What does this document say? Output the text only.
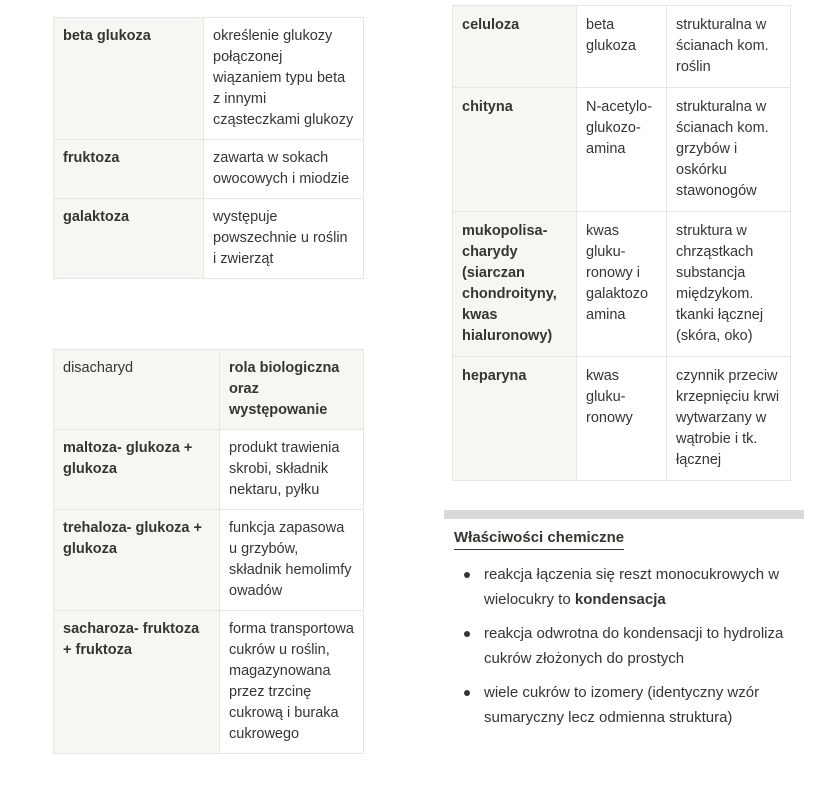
beta glukoza	określenie glukozy połączonej wiązaniem typu beta z innymi cząsteczkami glukozy
fruktoza	zawarta w sokach owocowych i miodzie
galaktoza	występuje powszechnie u roślin i zwierząt
disacharyd	rola biologiczna oraz występowanie
maltoza- glukoza + glukoza	produkt trawienia skrobi, składnik nektaru, pyłku
trehaloza- glukoza + glukoza	funkcja zapasowa u grzybów, składnik hemolimfy owadów
sacharoza- fruktoza + fruktoza	forma transportowa cukrów u roślin, magazynowana przez trzcinę cukrową i buraka cukrowego
celuloza	beta glukoza	strukturalna w ścianach kom. roślin
chityna	N-acetylo-glukozo-amina	strukturalna w ścianach kom. grzybów i oskórku stawonogów
mukopolisa-charydy (siarczan chondroityny, kwas hialuronowy)	kwas gluku-ronowy i galaktozo amina	struktura w chrząstkach substancja międzykom. tkanki łącznej (skóra, oko)
heparyna	kwas gluku-ronowy	czynnik przeciw krzepnięciu krwi wytwarzany w wątrobie i tk. łącznej
Właściwości chemiczne
reakcja łączenia się reszt monocukrowych w wielocukry to kondensacja
reakcja odwrotna do kondensacji to hydroliza cukrów złożonych do prostych
wiele cukrów to izomery (identyczny wzór sumaryczny lecz odmienna struktura)
